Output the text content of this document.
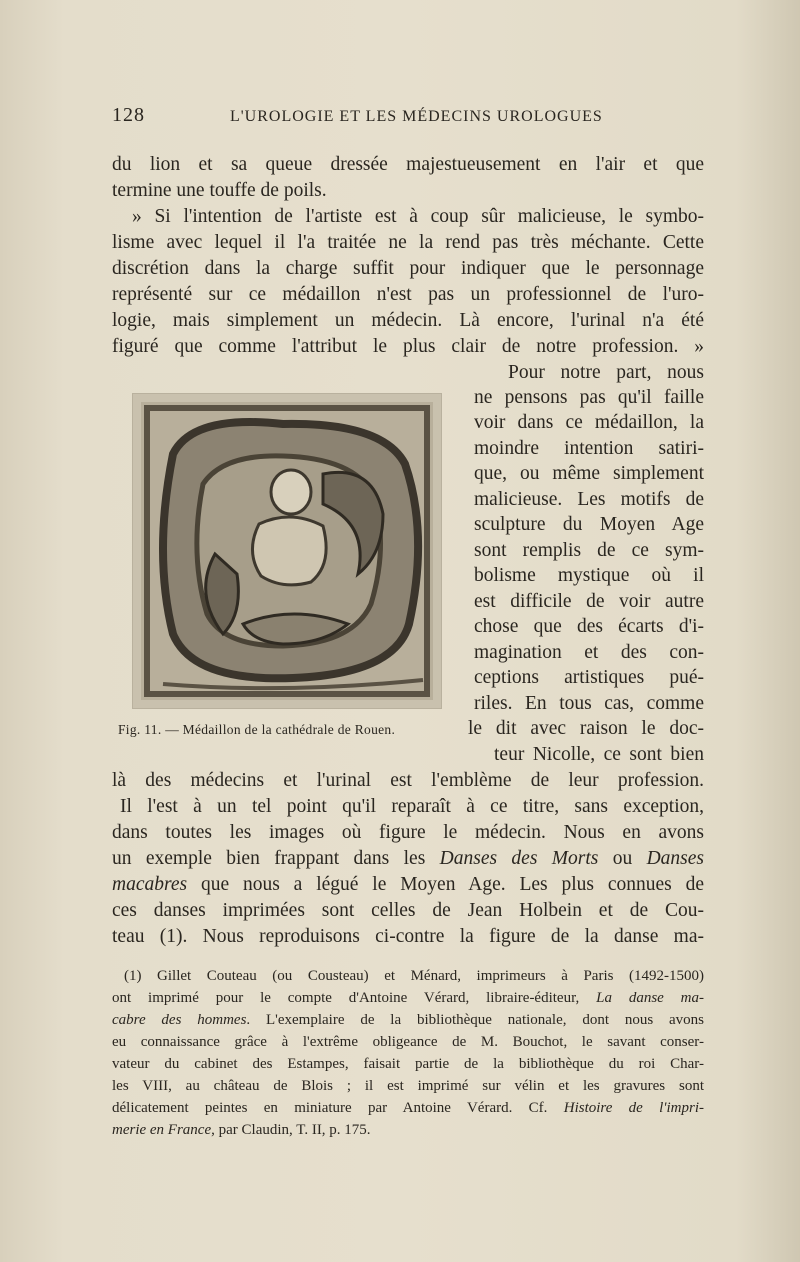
128	L'UROLOGIE ET LES MÉDECINS UROLOGUES
du lion et sa queue dressée majestueusement en l'air et que
termine une touffe de poils.
» Si l'intention de l'artiste est à coup sûr malicieuse, le symbo-
lisme avec lequel il l'a traitée ne la rend pas très méchante. Cette
discrétion dans la charge suffit pour indiquer que le personnage
représenté sur ce médaillon n'est pas un professionnel de l'uro-
logie, mais simplement un médecin. Là encore, l'urinal n'a été
figuré que comme l'attribut le plus clair de notre profession. »
Pour notre part, nous
ne pensons pas qu'il faille
voir dans ce médaillon, la
moindre intention satiri-
que, ou même simplement
malicieuse. Les motifs de
sculpture du Moyen Age
sont remplis de ce sym-
bolisme mystique où il
est difficile de voir autre
chose que des écarts d'i-
magination et des con-
ceptions artistiques pué-
riles. En tous cas, comme
le dit avec raison le doc-
teur Nicolle, ce sont bien
Fig. 11. — Médaillon de la cathédrale de Rouen.
là des médecins et l'urinal est l'emblème de leur profession.
Il l'est à un tel point qu'il reparaît à ce titre, sans exception,
dans toutes les images où figure le médecin. Nous en avons
un exemple bien frappant dans les Danses des Morts ou Danses
macabres que nous a légué le Moyen Age. Les plus connues de
ces danses imprimées sont celles de Jean Holbein et de Cou-
teau (1). Nous reproduisons ci-contre la figure de la danse ma-
(1) Gillet Couteau (ou Cousteau) et Ménard, imprimeurs à Paris (1492-1500)
ont imprimé pour le compte d'Antoine Vérard, libraire-éditeur, La danse ma-
cabre des hommes. L'exemplaire de la bibliothèque nationale, dont nous avons
eu connaissance grâce à l'extrême obligeance de M. Bouchot, le savant conser-
vateur du cabinet des Estampes, faisait partie de la bibliothèque du roi Char-
les VIII, au château de Blois ; il est imprimé sur vélin et les gravures sont
délicatement peintes en miniature par Antoine Vérard. Cf. Histoire de l'impri-
merie en France, par Claudin, T. II, p. 175.
